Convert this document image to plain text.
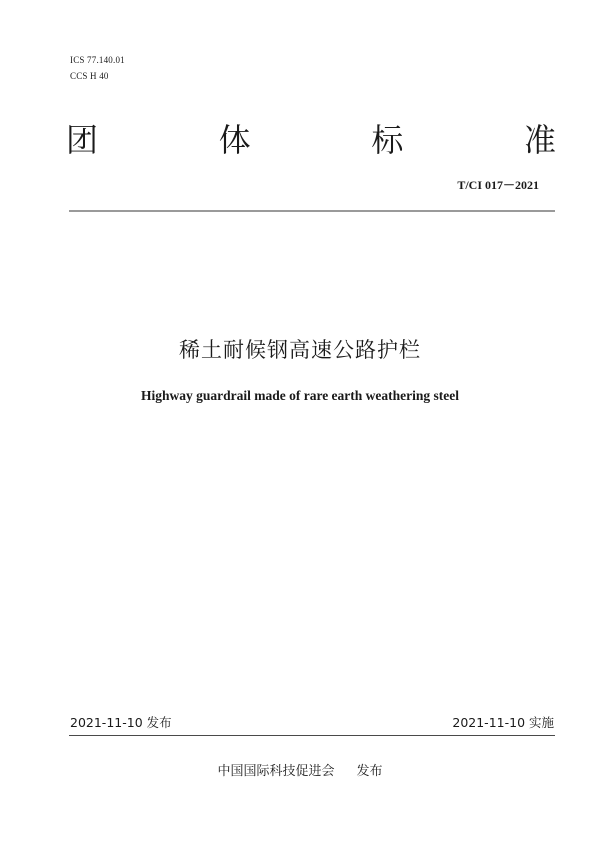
ICS 77.140.01
CCS H 40
团	体	标	准
T/CI 017－2021
稀土耐候钢高速公路护栏
Highway guardrail made of rare earth weathering steel
2021-11-10 发布	2021-11-10 实施
中国国际科技促进会 发布
